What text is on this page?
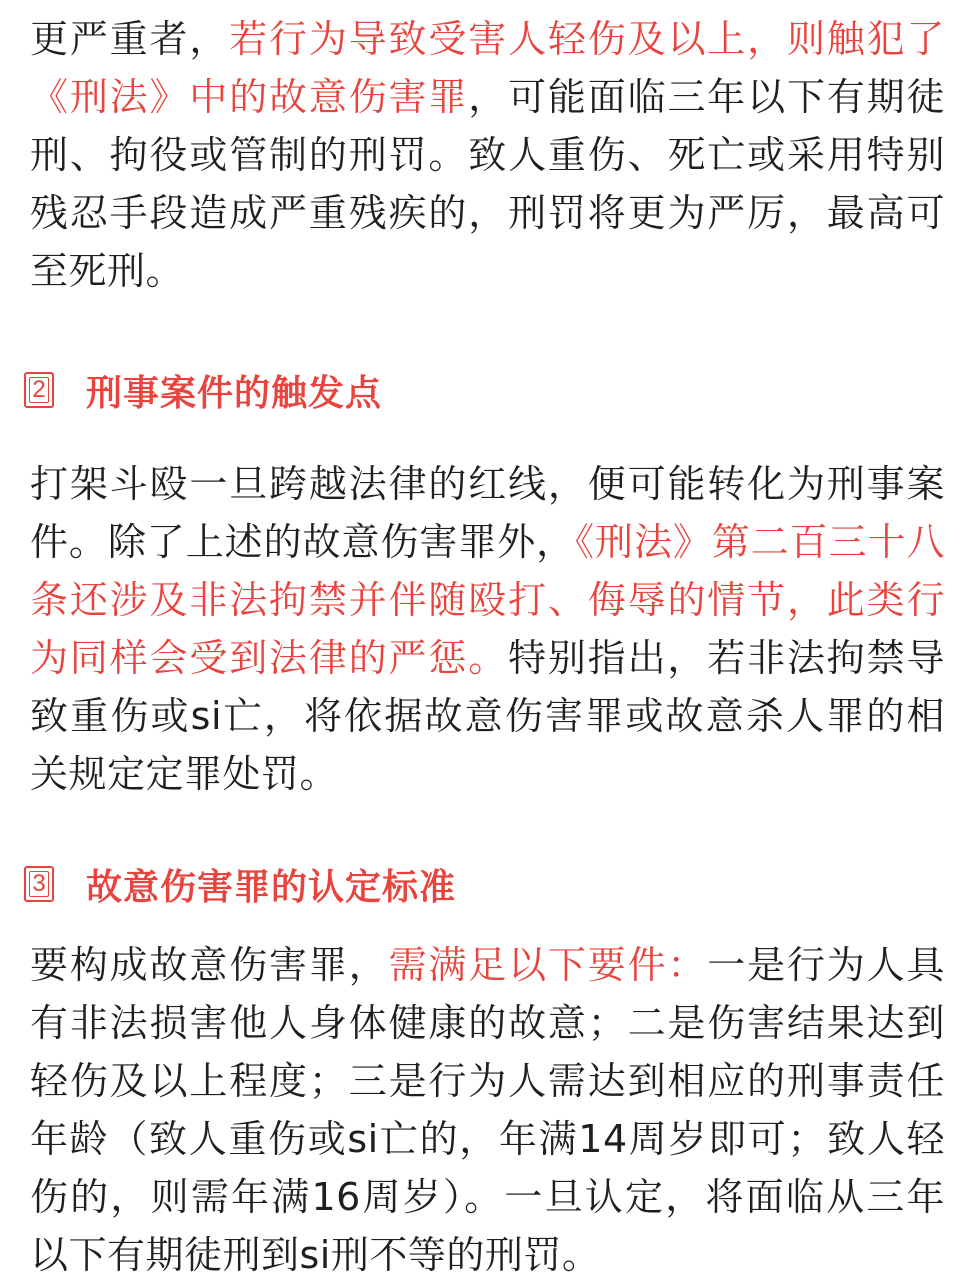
更严重者，若行为导致受害人轻伤及以上，则触犯了《刑法》中的故意伤害罪，可能面临三年以下有期徒刑、拘役或管制的刑罚。致人重伤、死亡或采用特别残忍手段造成严重残疾的，刑罚将更为严厉，最高可至死刑。

2 刑事案件的触发点

打架斗殴一旦跨越法律的红线，便可能转化为刑事案件。除了上述的故意伤害罪外，《刑法》第二百三十八条还涉及非法拘禁并伴随殴打、侮辱的情节，此类行为同样会受到法律的严惩。特别指出，若非法拘禁导致重伤或si亡，将依据故意伤害罪或故意杀人罪的相关规定定罪处罚。

3 故意伤害罪的认定标准

要构成故意伤害罪，需满足以下要件：一是行为人具有非法损害他人身体健康的故意；二是伤害结果达到轻伤及以上程度；三是行为人需达到相应的刑事责任年龄（致人重伤或si亡的，年满14周岁即可；致人轻伤的，则需年满16周岁）。一旦认定，将面临从三年以下有期徒刑到si刑不等的刑罚。
